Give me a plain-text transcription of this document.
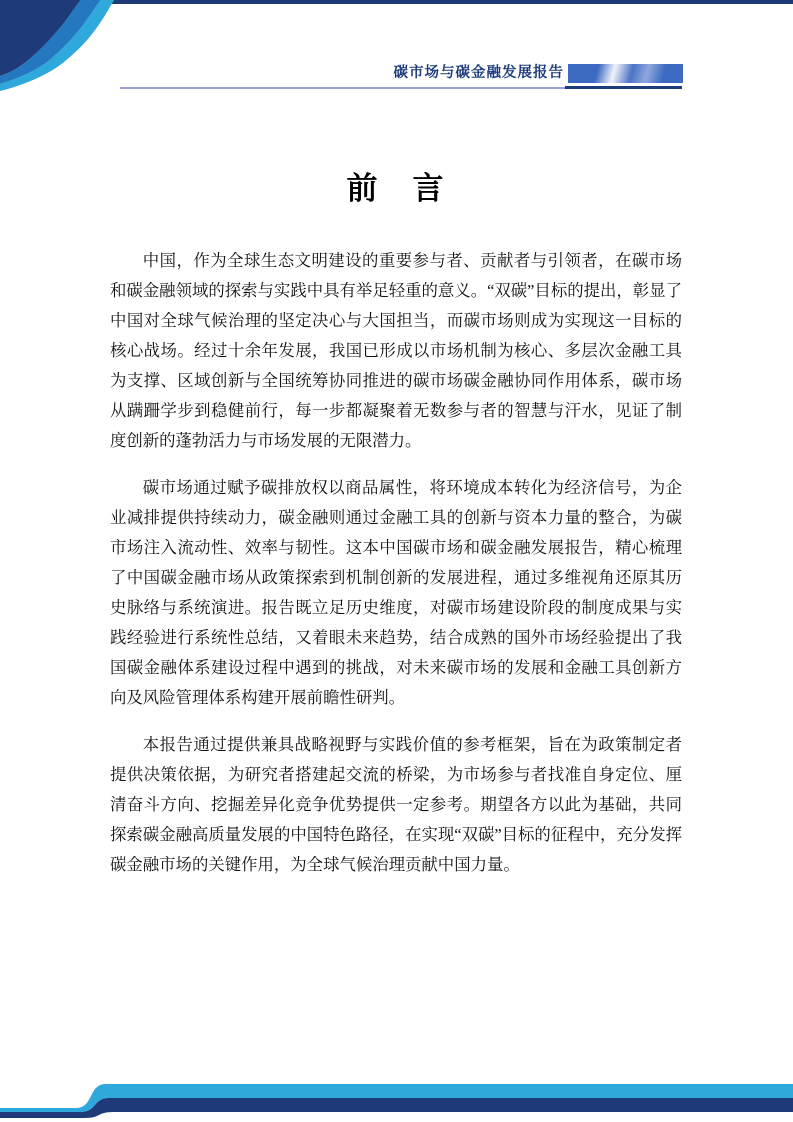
碳市场与碳金融发展报告
前　言

中国，作为全球生态文明建设的重要参与者、贡献者与引领者，在碳市场和碳金融领域的探索与实践中具有举足轻重的意义。“双碳”目标的提出，彰显了中国对全球气候治理的坚定决心与大国担当，而碳市场则成为实现这一目标的核心战场。经过十余年发展，我国已形成以市场机制为核心、多层次金融工具为支撑、区域创新与全国统筹协同推进的碳市场碳金融协同作用体系，碳市场从蹒跚学步到稳健前行，每一步都凝聚着无数参与者的智慧与汗水，见证了制度创新的蓬勃活力与市场发展的无限潜力。

碳市场通过赋予碳排放权以商品属性，将环境成本转化为经济信号，为企业减排提供持续动力，碳金融则通过金融工具的创新与资本力量的整合，为碳市场注入流动性、效率与韧性。这本中国碳市场和碳金融发展报告，精心梳理了中国碳金融市场从政策探索到机制创新的发展进程，通过多维视角还原其历史脉络与系统演进。报告既立足历史维度，对碳市场建设阶段的制度成果与实践经验进行系统性总结，又着眼未来趋势，结合成熟的国外市场经验提出了我国碳金融体系建设过程中遇到的挑战，对未来碳市场的发展和金融工具创新方向及风险管理体系构建开展前瞻性研判。

本报告通过提供兼具战略视野与实践价值的参考框架，旨在为政策制定者提供决策依据，为研究者搭建起交流的桥梁，为市场参与者找准自身定位、厘清奋斗方向、挖掘差异化竞争优势提供一定参考。期望各方以此为基础，共同探索碳金融高质量发展的中国特色路径，在实现“双碳”目标的征程中，充分发挥碳金融市场的关键作用，为全球气候治理贡献中国力量。
